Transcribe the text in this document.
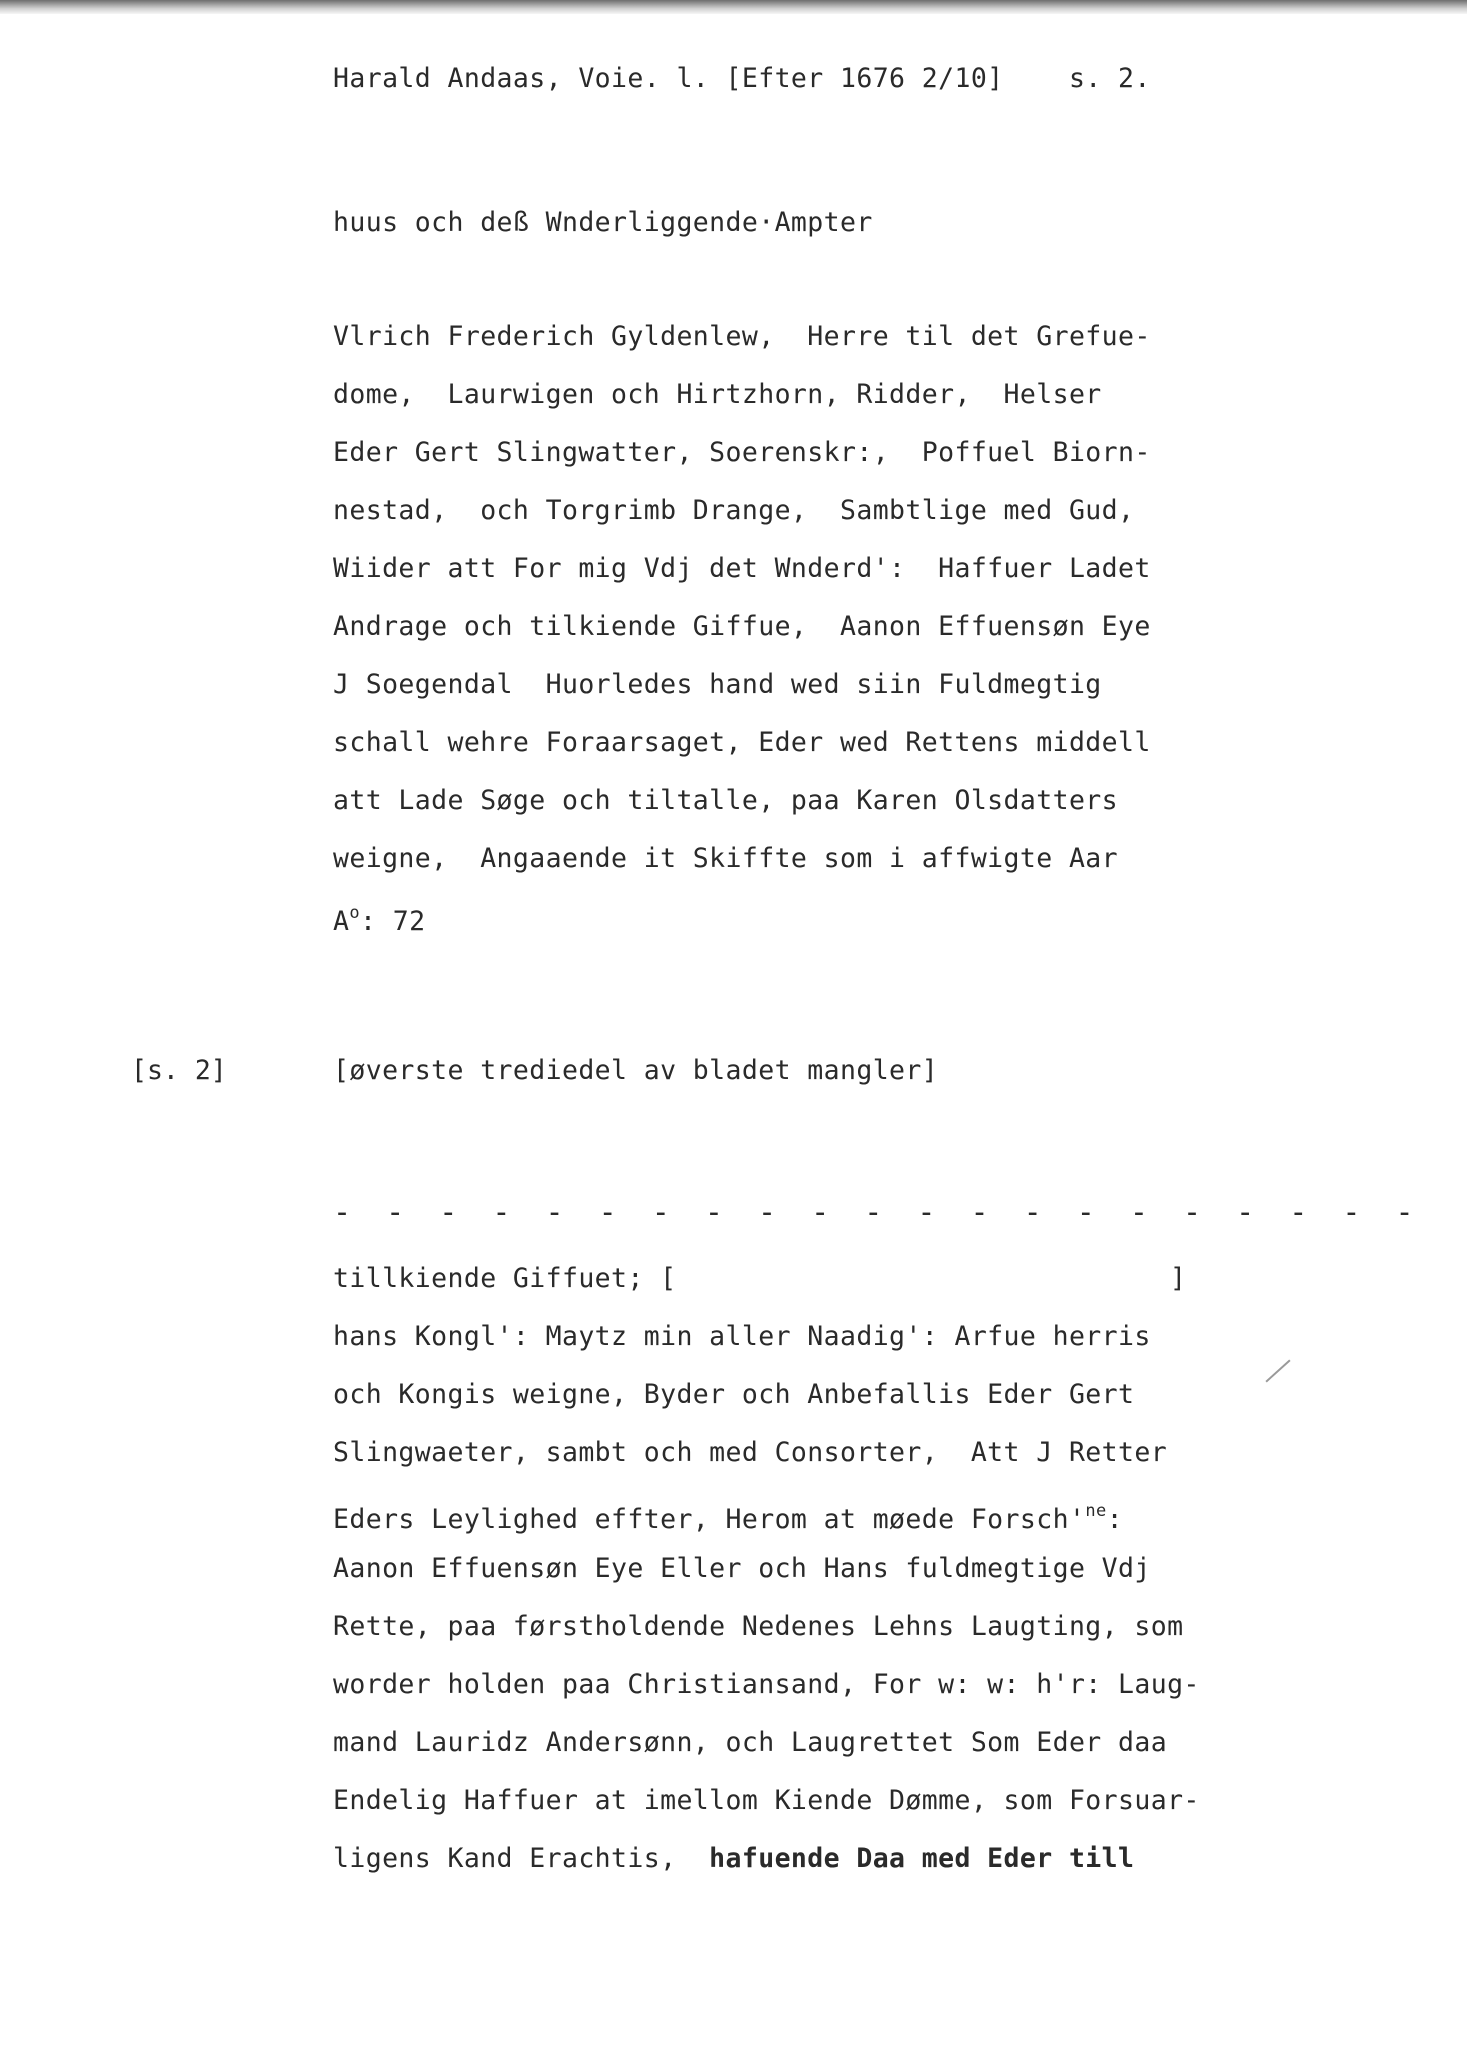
Harald Andaas, Voie. l. [Efter 1676 2/10]    s. 2.
huus och deß Wnderliggende·Ampter
Vlrich Frederich Gyldenlew,  Herre til det Grefue-
dome,  Laurwigen och Hirtzhorn, Ridder,  Helser
Eder Gert Slingwatter, Soerenskr:,  Poffuel Biorn-
nestad,  och Torgrimb Drange,  Sambtlige med Gud,
Wiider att For mig Vdj det Wnderd':  Haffuer Ladet
Andrage och tilkiende Giffue,  Aanon Effuensøn Eye
J Soegendal  Huorledes hand wed siin Fuldmegtig
schall wehre Foraarsaget, Eder wed Rettens middell
att Lade Søge och tiltalle, paa Karen Olsdatters
weigne,  Angaaende it Skiffte som i affwigte Aar
$A^o$: 72
[s. 2]	[øverste trediedel av bladet mangler]
- - - - - - - - - - - - - - - - - - - - -
tillkiende Giffuet; [	]
hans Kongl': Maytz min aller Naadig': Arfue herris
och Kongis weigne, Byder och Anbefallis Eder Gert
Slingwaeter, sambt och med Consorter,  Att J Retter
Eders Leylighed effter, Herom at møede $Forsch'^{ne}$:
Aanon Effuensøn Eye Eller och Hans fuldmegtige Vdj
Rette, paa førstholdende Nedenes Lehns Laugting, som
worder holden paa Christiansand, For w: w: h'r: Laug-
mand Lauridz Andersønn, och Laugrettet Som Eder daa
Endelig Haffuer at imellom Kiende Dømme, som Forsuar-
ligens Kand Erachtis,  hafuende Daa med Eder till
